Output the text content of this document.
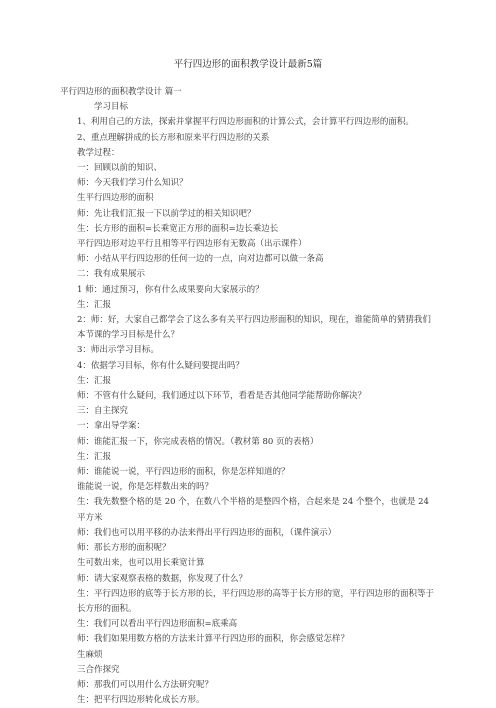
平行四边形的面积教学设计最新5篇
平行四边形的面积教学设计 篇一
学习目标
1、利用自己的方法，探索并掌握平行四边形面积的计算公式，会计算平行四边形的面积。
2、重点理解拼成的长方形和原来平行四边形的关系
教学过程：
一：回顾以前的知识、
师：今天我们学习什么知识？
生平行四边形的面积
师：先让我们汇报一下以前学过的相关知识吧？
生：长方形的面积=长乘宽正方形的面积=边长乘边长
平行四边形对边平行且相等平行四边形有无数高（出示课件）
师：小结从平行四边形的任何一边的一点，向对边都可以做一条高
二：我有成果展示
1 师：通过预习，你有什么成果要向大家展示的？
生：汇报
2：师：好，大家自己都学会了这么多有关平行四边形面积的知识，现在，谁能简单的猜猜我们本节课的学习目标是什么？
3：师出示学习目标。
4：依据学习目标，你有什么疑问要提出吗？
生：汇报
师：不管有什么疑问，我们通过以下环节，看看是否其他同学能帮助你解决？
三：自主探究
一：拿出导学案：
师：谁能汇报一下，你完成表格的情况。（教材第 80 页的表格）
生：汇报
师：谁能说一说，平行四边形的面积，你是怎样知道的？
谁能说一说，你是怎样数出来的吗？
生：我先数整个格的是 20 个，在数八个半格的是整四个格，合起来是 24 个整个，也就是 24 平方米
师：我们也可以用平移的办法来得出平行四边形的面积，（课件演示）
师：那长方形的面积呢？
生可数出来，也可以用长乘宽计算
师：请大家观察表格的数据，你发现了什么？
生：平行四边形的底等于长方形的长，平行四边形的高等于长方形的宽，平行四边形的面积等于长方形的面积。
生：我们可以看出平行四边形面积=底乘高
师：我们如果用数方格的方法来计算平行四边形的面积，你会感觉怎样？
生麻烦
三合作探究
师：那我们可以用什么方法研究呢？
生：把平行四边形转化成长方形。
